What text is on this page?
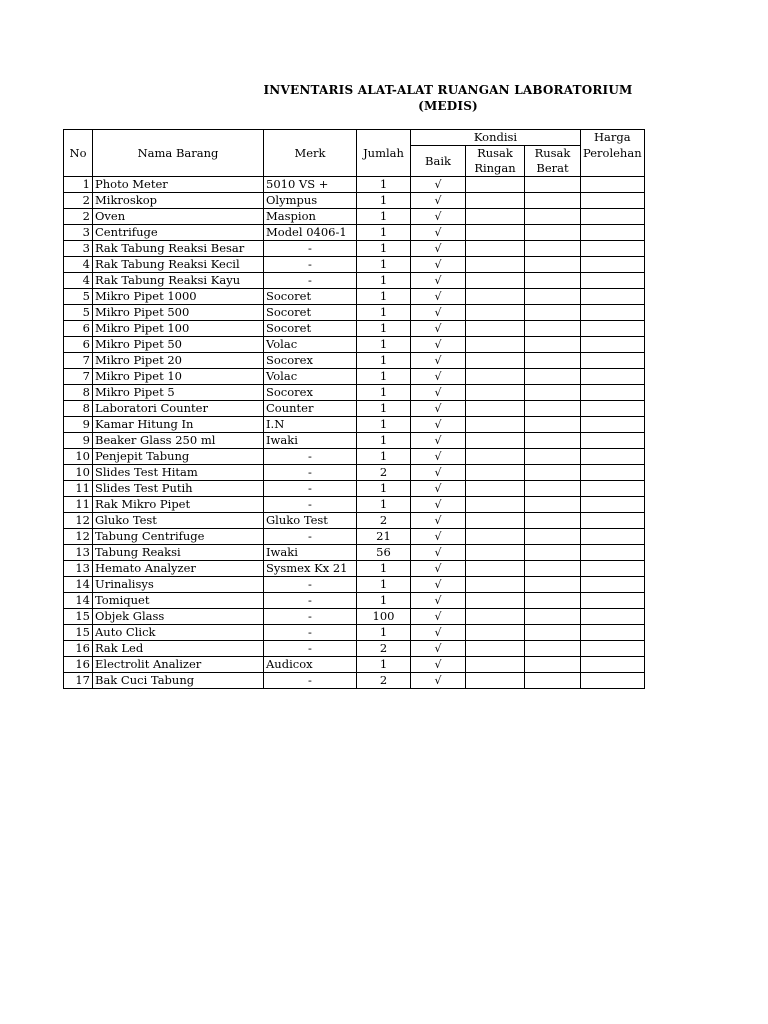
INVENTARIS ALAT-ALAT RUANGAN LABORATORIUM
(MEDIS)
No	Nama Barang	Merk	Jumlah	Kondisi			Harga
				Baik	Rusak	Rusak	Perolehan
					Ringan	Berat	
1	Photo Meter	5010 VS +	1	√			
2	Mikroskop	Olympus	1	√			
2	Oven	Maspion	1	√			
3	Centrifuge	Model 0406-1	1	√			
3	Rak Tabung Reaksi Besar	-	1	√			
4	Rak Tabung Reaksi Kecil	-	1	√			
4	Rak Tabung Reaksi Kayu	-	1	√			
5	Mikro Pipet 1000	Socoret	1	√			
5	Mikro Pipet 500	Socoret	1	√			
6	Mikro Pipet 100	Socoret	1	√			
6	Mikro Pipet 50	Volac	1	√			
7	Mikro Pipet 20	Socorex	1	√			
7	Mikro Pipet 10	Volac	1	√			
8	Mikro Pipet 5	Socorex	1	√			
8	Laboratori Counter	Counter	1	√			
9	Kamar Hitung In	I.N	1	√			
9	Beaker Glass 250 ml	Iwaki	1	√			
10	Penjepit Tabung	-	1	√			
10	Slides Test Hitam	-	2	√			
11	Slides Test Putih	-	1	√			
11	Rak Mikro Pipet	-	1	√			
12	Gluko Test	Gluko Test	2	√			
12	Tabung Centrifuge	-	21	√			
13	Tabung Reaksi	Iwaki	56	√			
13	Hemato Analyzer	Sysmex Kx 21	1	√			
14	Urinalisys	-	1	√			
14	Tomiquet	-	1	√			
15	Objek Glass	-	100	√			
15	Auto Click	-	1	√			
16	Rak Led	-	2	√			
16	Electrolit Analizer	Audicox	1	√			
17	Bak Cuci Tabung	-	2	√			
